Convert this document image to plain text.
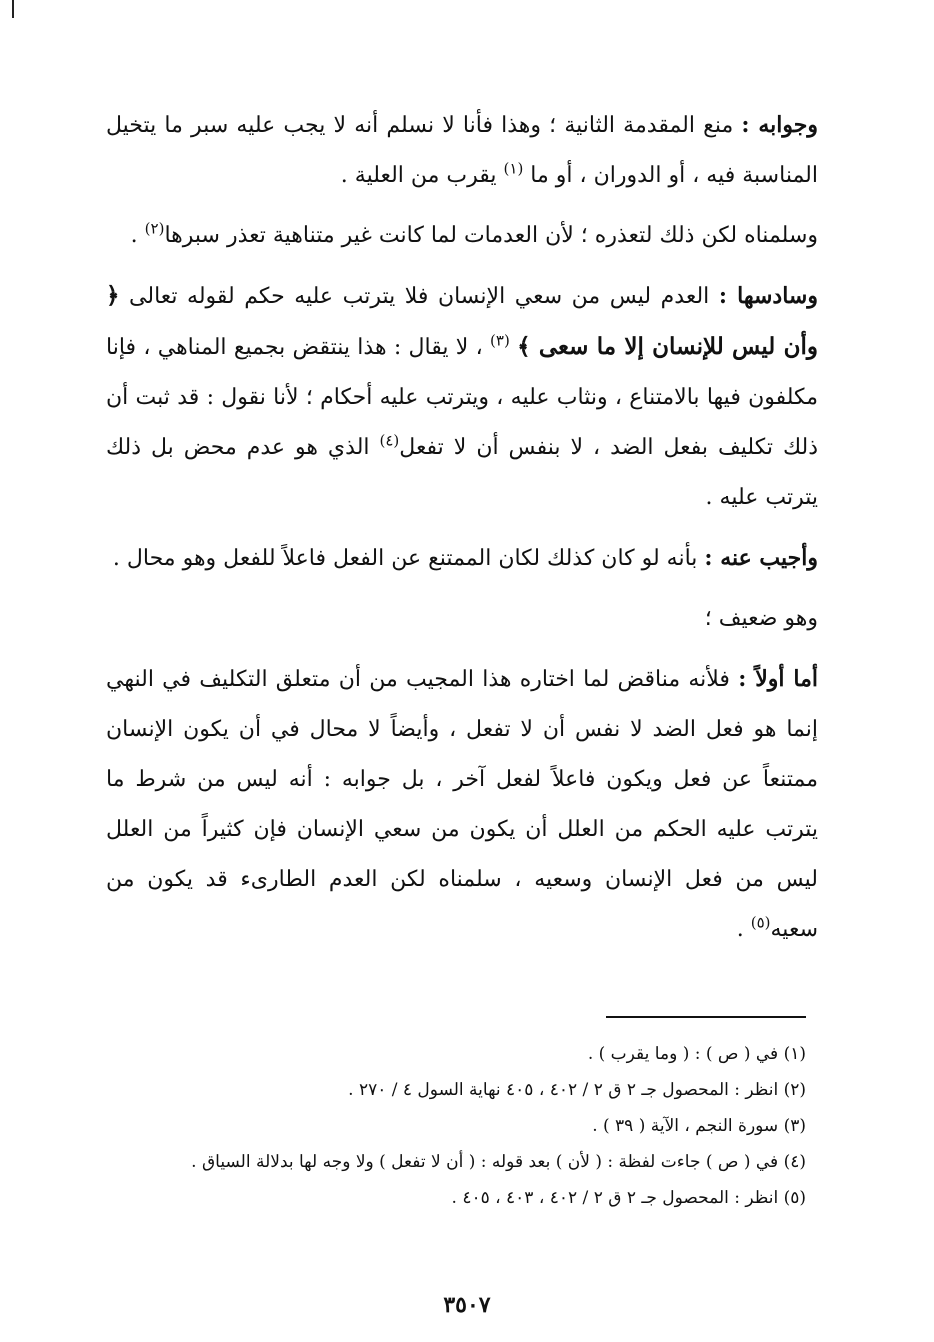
وجوابه : منع المقدمة الثانية ؛ وهذا فأنا لا نسلم أنه لا يجب عليه سبر ما يتخيل المناسبة فيه ، أو الدوران ، أو ما $^{(١)}$ يقرب من العلية .

وسلمناه لكن ذلك لتعذره ؛ لأن العدمات لما كانت غير متناهية تعذر سبرها$^{(٢)}$ .

وسادسها : العدم ليس من سعي الإنسان فلا يترتب عليه حكم لقوله تعالى ﴿ وأن ليس للإنسان إلا ما سعى ﴾ $^{(٣)}$ ، لا يقال : هذا ينتقض بجميع المناهي ، فإنا مكلفون فيها بالامتناع ، ونثاب عليه ، ويترتب عليه أحكام ؛ لأنا نقول : قد ثبت أن ذلك تكليف بفعل الضد ، لا بنفس أن لا تفعل$^{(٤)}$ الذي هو عدم محض بل ذلك يترتب عليه .

وأجيب عنه : بأنه لو كان كذلك لكان الممتنع عن الفعل فاعلاً للفعل وهو محال .

وهو ضعيف ؛

أما أولاً : فلأنه مناقض لما اختاره هذا المجيب من أن متعلق التكليف في النهي إنما هو فعل الضد لا نفس أن لا تفعل ، وأيضاً لا محال في أن يكون الإنسان ممتنعاً عن فعل ويكون فاعلاً لفعل آخر ، بل جوابه : أنه ليس من شرط ما يترتب عليه الحكم من العلل أن يكون من سعي الإنسان فإن كثيراً من العلل ليس من فعل الإنسان وسعيه ، سلمناه لكن العدم الطارىء قد يكون من سعيه$^{(٥)}$ .

(١) في ( ص ) : ( وما يقرب ) .

(٢) انظر : المحصول جـ ٢ ق ٢ / ٤٠٢ ، ٤٠٥ نهاية السول ٤ / ٢٧٠ .

(٣) سورة النجم ، الآية ( ٣٩ ) .

(٤) في ( ص ) جاءت لفظة : ( لأن ) بعد قوله : ( أن لا تفعل ) ولا وجه لها بدلالة السياق .

(٥) انظر : المحصول جـ ٢ ق ٢ / ٤٠٢ ، ٤٠٣ ، ٤٠٥ .

٣٥٠٧
